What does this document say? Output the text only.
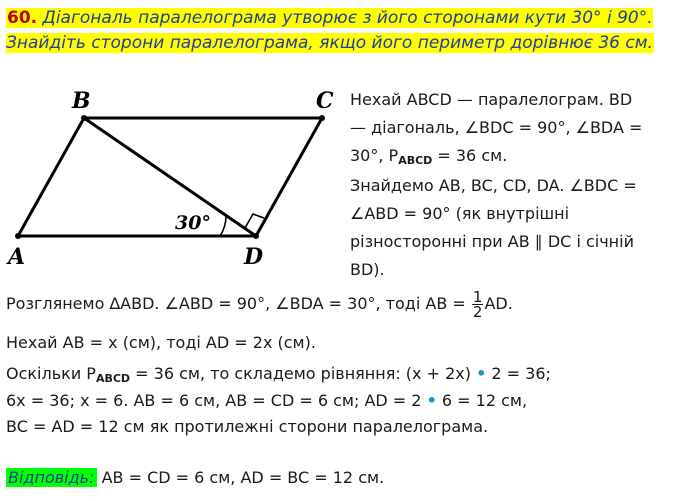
60. Діагональ паралелограма утворює з його сторонами кути 30° і 90°. Знайдіть сторони паралелограма, якщо його периметр дорівнює 36 см.
A
B	C
D
30°
Нехай ABCD — паралелограм. BD
— діагональ, ∠BDC = 90°, ∠BDA =
30°, PABCD = 36 см.
Знайдемо AB, BC, CD, DA. ∠BDC =
∠ABD = 90° (як внутрішні
різносторонні при AB ∥ DC і січній
BD).
Розглянемо ∆ABD. ∠ABD = 90°, ∠BDA = 30°, тоді AB = $\frac{1}{2}$ AD.
Нехай AB = x (см), тоді AD = 2x (см).
Оскільки PABCD = 36 см, то складемо рівняння: (x + 2x) • 2 = 36;
6x = 36; x = 6. AB = 6 см, AB = CD = 6 см; AD = 2 • 6 = 12 см,
BC = AD = 12 см як протилежні сторони паралелограма.
Відповідь: AB = CD = 6 см, AD = BC = 12 см.
